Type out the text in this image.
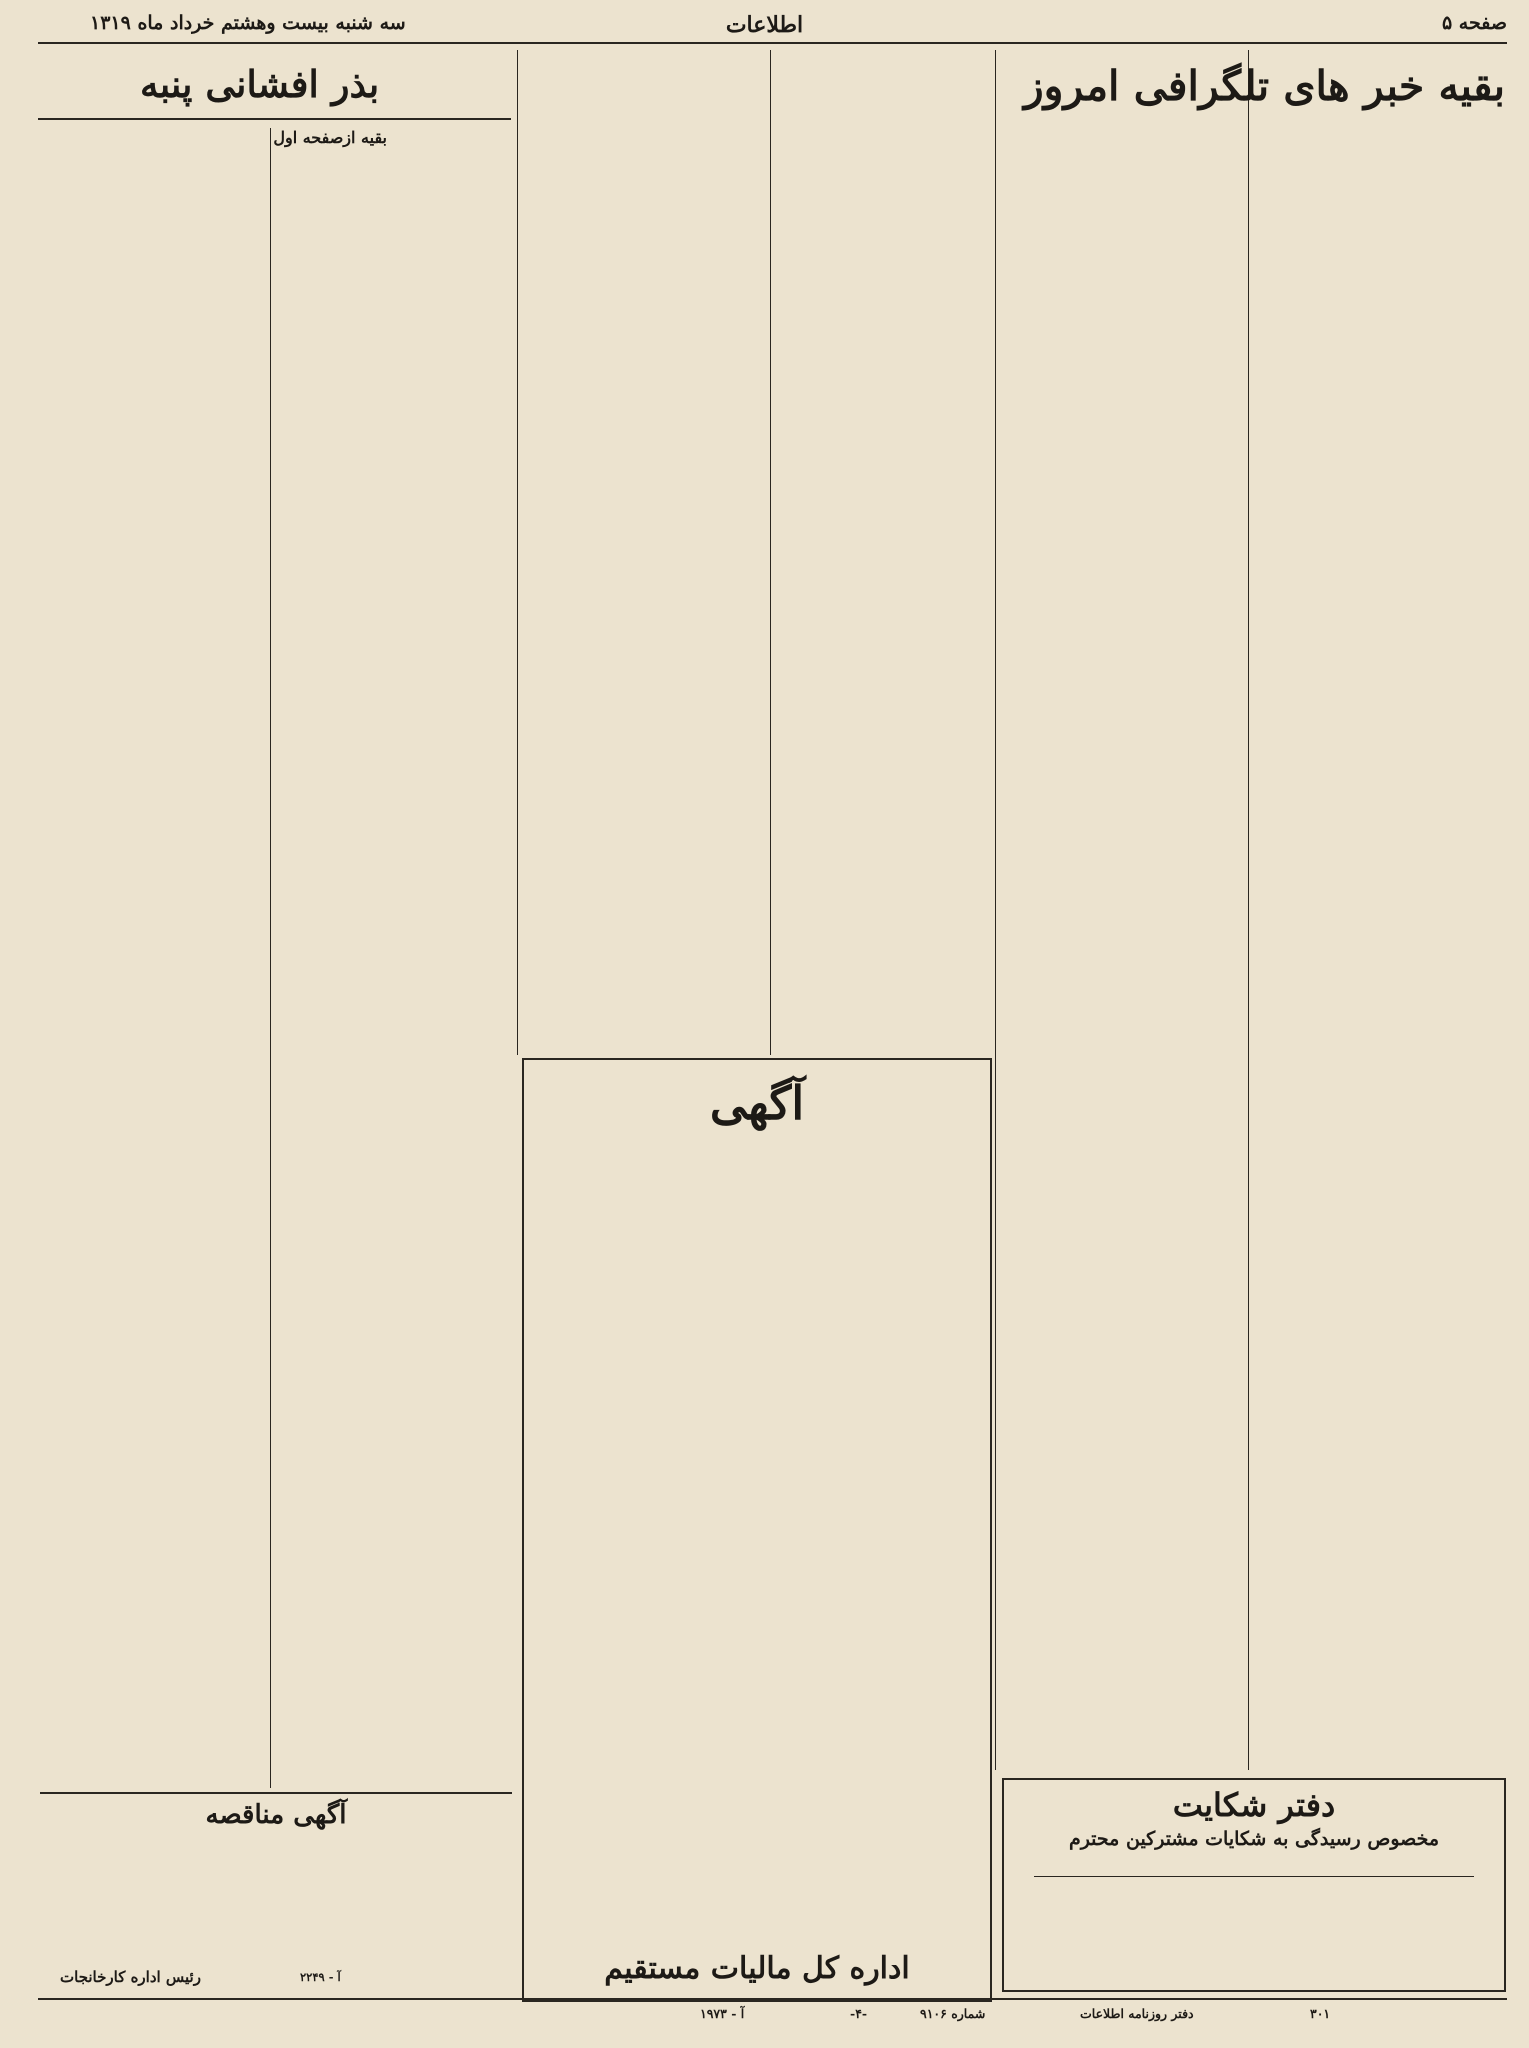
صفحه ۵
اطلاعات
سه شنبه بیست وهشتم خرداد ماه ۱۳۱۹
بقیه خبر های تلگرافی امروز

بذر افشانی پنبه
بقیه ازصفحه اول

آگهی

اداره کل مالیات مستقیم
دفتر شکایت
مخصوص رسیدگی به شکایات مشترکین محترم
آگهی مناقصه
رئیس اداره کارخانجات	آ - ۲۲۴۹
آ - ۱۹۷۳	-۴-	شماره ۹۱۰۶	دفتر روزنامه اطلاعات	۳۰۱
